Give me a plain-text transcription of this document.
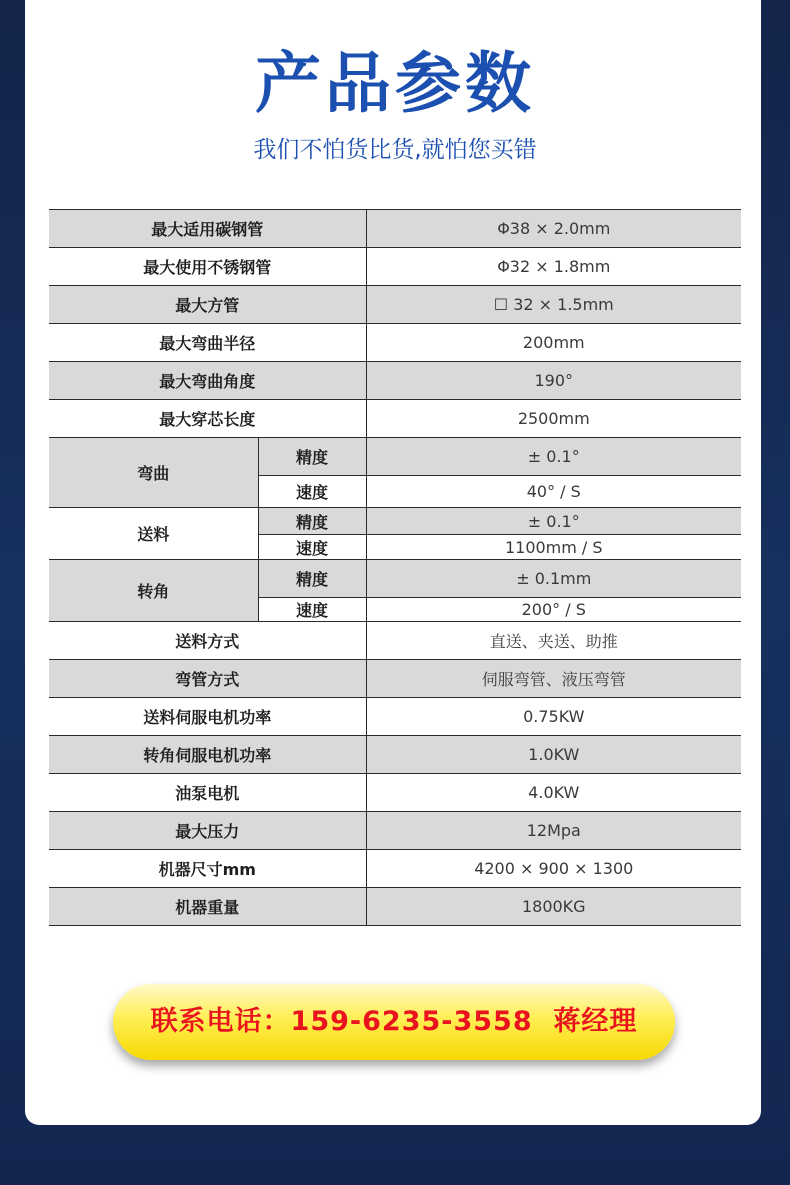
产品参数
我们不怕货比货,就怕您买错
最大适用碳钢管		Φ38 × 2.0mm
最大使用不锈钢管		Φ32 × 1.8mm
最大方管		☐ 32 × 1.5mm
最大弯曲半径		200mm
最大弯曲角度		190°
最大穿芯长度		2500mm
弯曲	精度	± 0.1°
	速度	40° / S
送料	精度	± 0.1°
	速度	1100mm / S
转角	精度	± 0.1mm
	速度	200° / S
送料方式		直送、夹送、助推
弯管方式		伺服弯管、液压弯管
送料伺服电机功率		0.75KW
转角伺服电机功率		1.0KW
油泵电机		4.0KW
最大压力		12Mpa
机器尺寸mm		4200 × 900 × 1300
机器重量		1800KG
联系电话：159-6235-3558  蒋经理
